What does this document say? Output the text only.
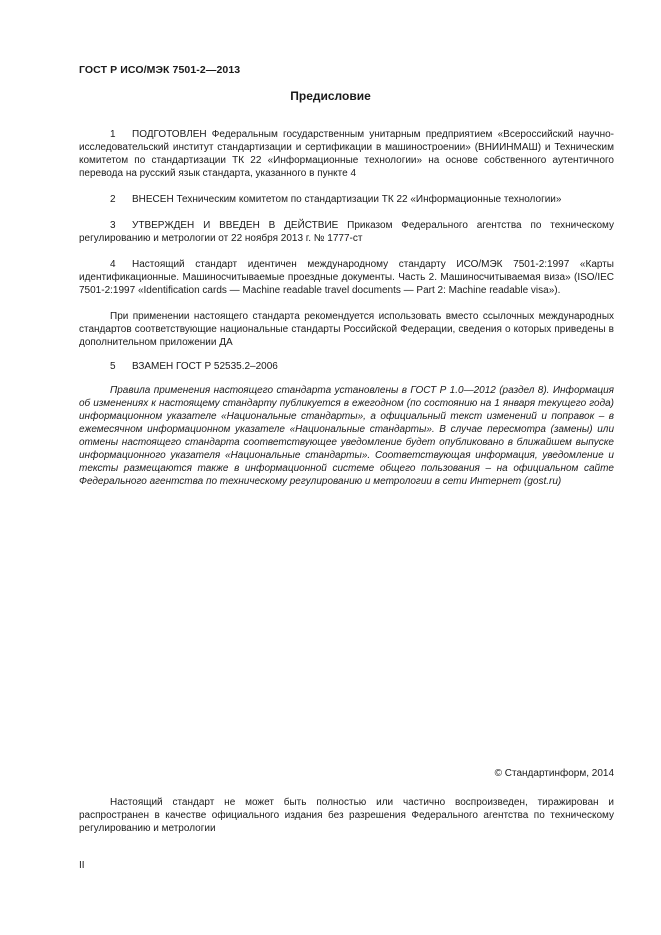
ГОСТ Р ИСО/МЭК 7501-2—2013
Предисловие
1 ПОДГОТОВЛЕН Федеральным государственным унитарным предприятием «Всероссийский научно-исследовательский институт стандартизации и сертификации в машиностроении» (ВНИИНМАШ) и Техническим комитетом по стандартизации ТК 22 «Информационные технологии» на основе собственного аутентичного перевода на русский язык стандарта, указанного в пункте 4
2 ВНЕСЕН Техническим комитетом по стандартизации ТК 22 «Информационные технологии»
3 УТВЕРЖДЕН И ВВЕДЕН В ДЕЙСТВИЕ Приказом Федерального агентства по техническому регулированию и метрологии от 22 ноября 2013 г. № 1777-ст
4 Настоящий стандарт идентичен международному стандарту ИСО/МЭК 7501-2:1997 «Карты идентификационные. Машиносчитываемые проездные документы. Часть 2. Машиносчитываемая виза» (ISO/IEC 7501-2:1997 «Identification cards — Machine readable travel documents — Part 2: Machine readable visa»).
При применении настоящего стандарта рекомендуется использовать вместо ссылочных международных стандартов соответствующие национальные стандарты Российской Федерации, сведения о которых приведены в дополнительном приложении ДА
5 ВЗАМЕН ГОСТ Р 52535.2–2006
Правила применения настоящего стандарта установлены в ГОСТ Р 1.0—2012 (раздел 8). Информация об изменениях к настоящему стандарту публикуется в ежегодном (по состоянию на 1 января текущего года) информационном указателе «Национальные стандарты», а официальный текст изменений и поправок – в ежемесячном информационном указателе «Национальные стандарты». В случае пересмотра (замены) или отмены настоящего стандарта соответствующее уведомление будет опубликовано в ближайшем выпуске информационного указателя «Национальные стандарты». Соответствующая информация, уведомление и тексты размещаются также в информационной системе общего пользования – на официальном сайте Федерального агентства по техническому регулированию и метрологии в сети Интернет (gost.ru)
© Стандартинформ, 2014
Настоящий стандарт не может быть полностью или частично воспроизведен, тиражирован и распространен в качестве официального издания без разрешения Федерального агентства по техническому регулированию и метрологии
II
